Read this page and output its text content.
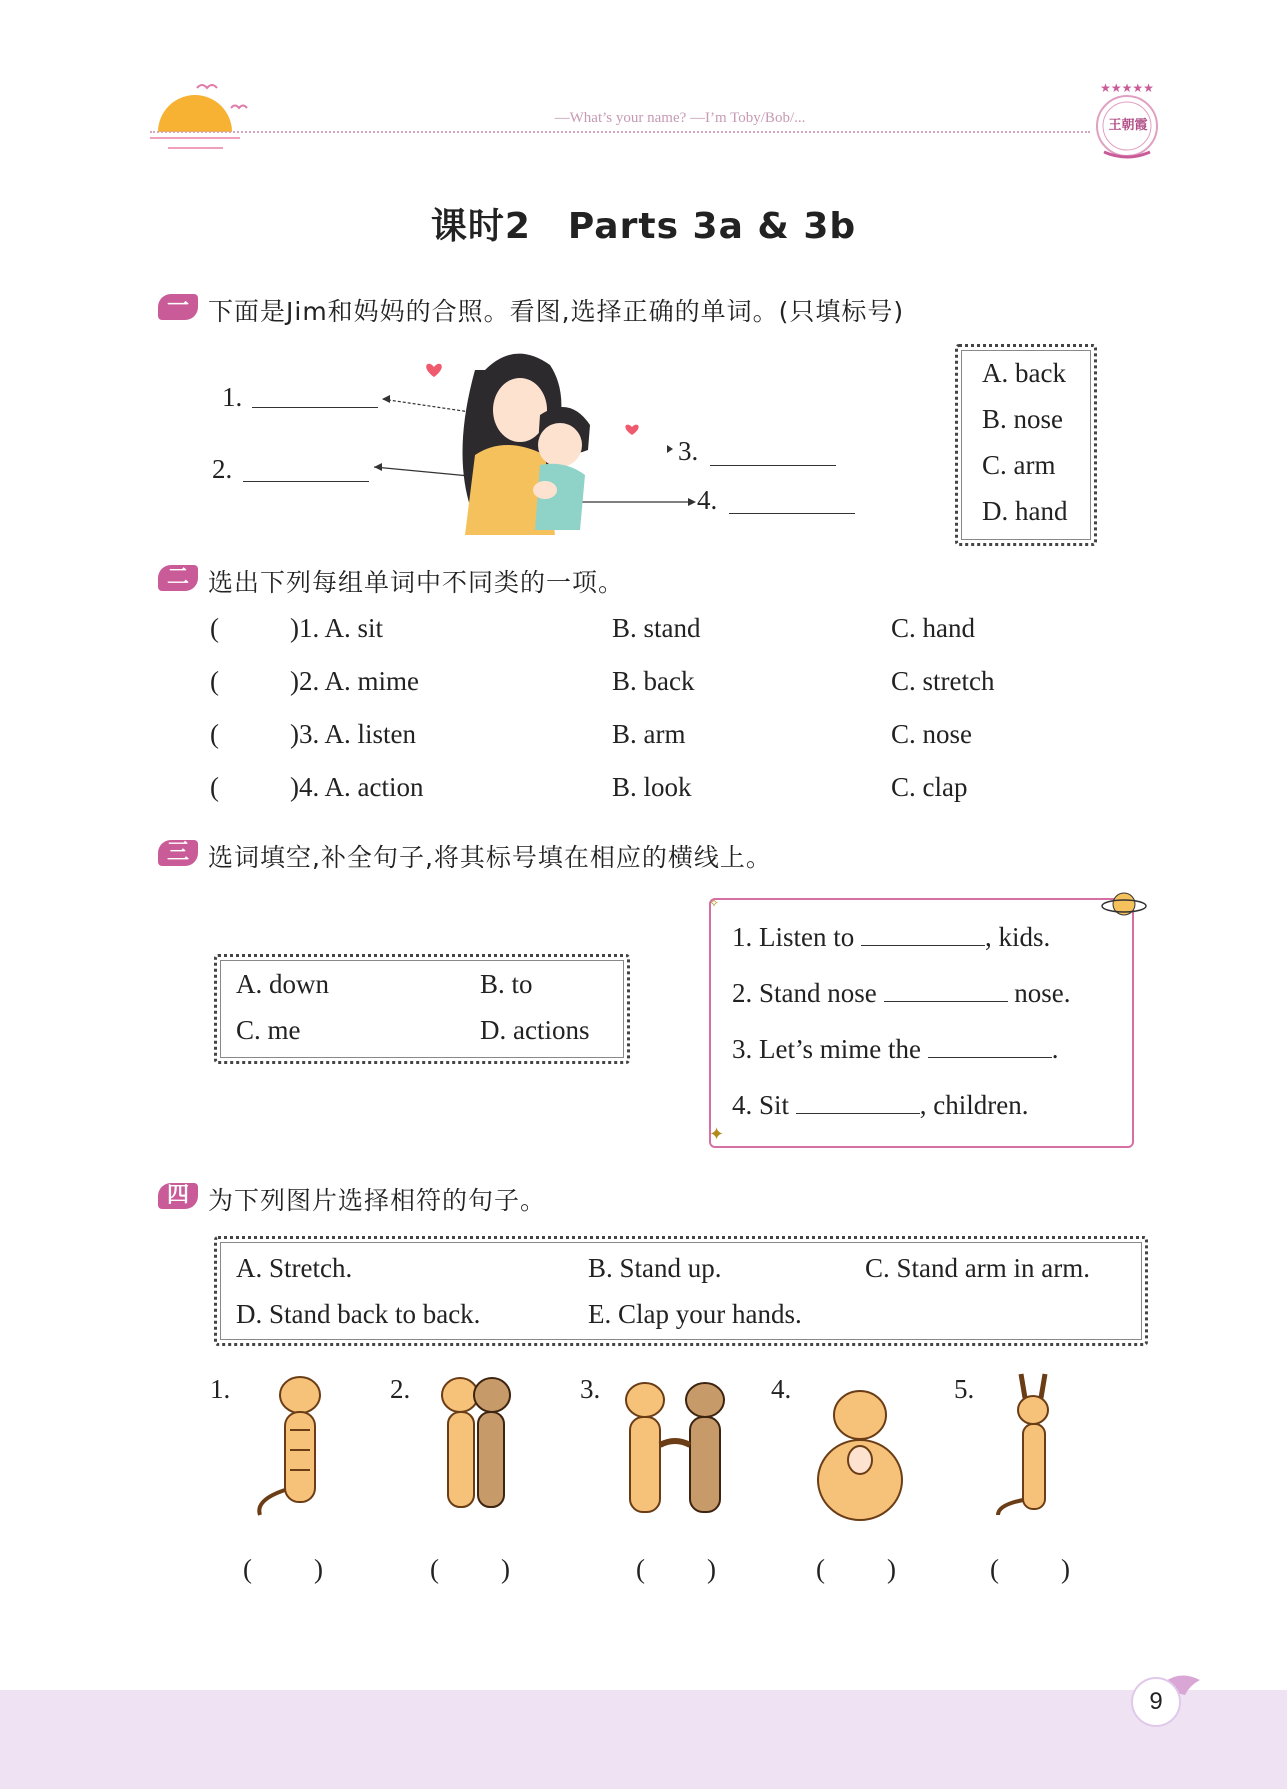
—What’s your name? —I’m Toby/Bob/...
★★★★★
王朝霞
课时2　Parts 3a & 3b
一 下面是Jim和妈妈的合照。看图,选择正确的单词。(只填标号)
1.
2.
3.
4.
A. back
B. nose
C. arm
D. hand
二 选出下列每组单词中不同类的一项。
(	)1. A. sit	B. stand	C. hand
(	)2. A. mime	B. back	C. stretch
(	)3. A. listen	B. arm	C. nose
(	)4. A. action	B. look	C. clap
三 选词填空,补全句子,将其标号填在相应的横线上。
A. down	B. to
C. me	D. actions
✦
✧
1. Listen to	, kids.
2. Stand nose	nose.
3. Let’s mime the	.
4. Sit	, children.
四 为下列图片选择相符的句子。
A. Stretch.	B. Stand up.	C. Stand arm in arm.
D. Stand back to back.	E. Clap your hands.
1.	2.	3.	4.	5.
( )	( )	( )	( )	( )
9
